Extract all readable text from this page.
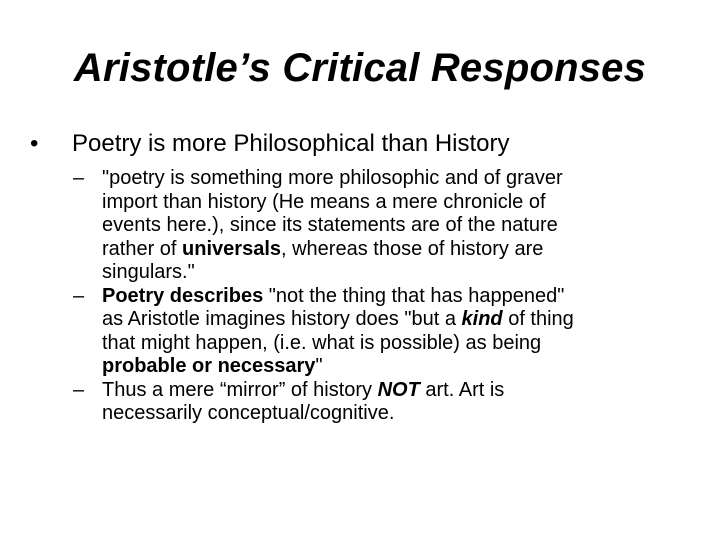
Aristotle’s Critical Responses
• Poetry is more Philosophical than History
– "poetry is something more philosophic and of graver
import than history (He means a mere chronicle of
events here.), since its statements are of the nature
rather of universals, whereas those of history are
singulars."
– Poetry describes "not the thing that has happened"
as Aristotle imagines history does "but a kind of thing
that might happen, (i.e. what is possible) as being
probable or necessary"
– Thus a mere “mirror” of history NOT art. Art is
necessarily conceptual/cognitive.
